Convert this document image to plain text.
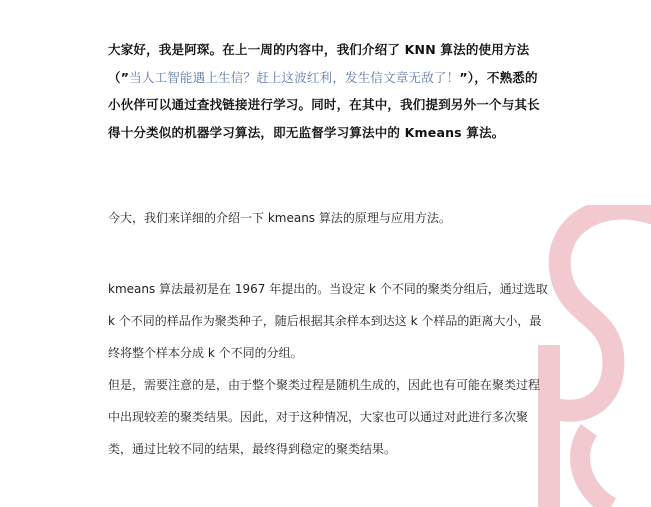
大家好，我是阿琛。在上一周的内容中，我们介绍了 KNN 算法的使用方法（”当人工智能遇上生信？赶上这波红利，发生信文章无敌了！”），不熟悉的小伙伴可以通过查找链接进行学习。同时，在其中，我们提到另外一个与其长得十分类似的机器学习算法，即无监督学习算法中的 Kmeans 算法。

今大，我们来详细的介绍一下 kmeans 算法的原理与应用方法。

kmeans 算法最初是在 1967 年提出的。当设定 k 个不同的聚类分组后，通过选取 k 个不同的样品作为聚类种子，随后根据其余样本到达这 k 个样品的距离大小，最终将整个样本分成 k 个不同的分组。
但是，需要注意的是，由于整个聚类过程是随机生成的，因此也有可能在聚类过程中出现较差的聚类结果。因此，对于这种情况，大家也可以通过对此进行多次聚类，通过比较不同的结果，最终得到稳定的聚类结果。
